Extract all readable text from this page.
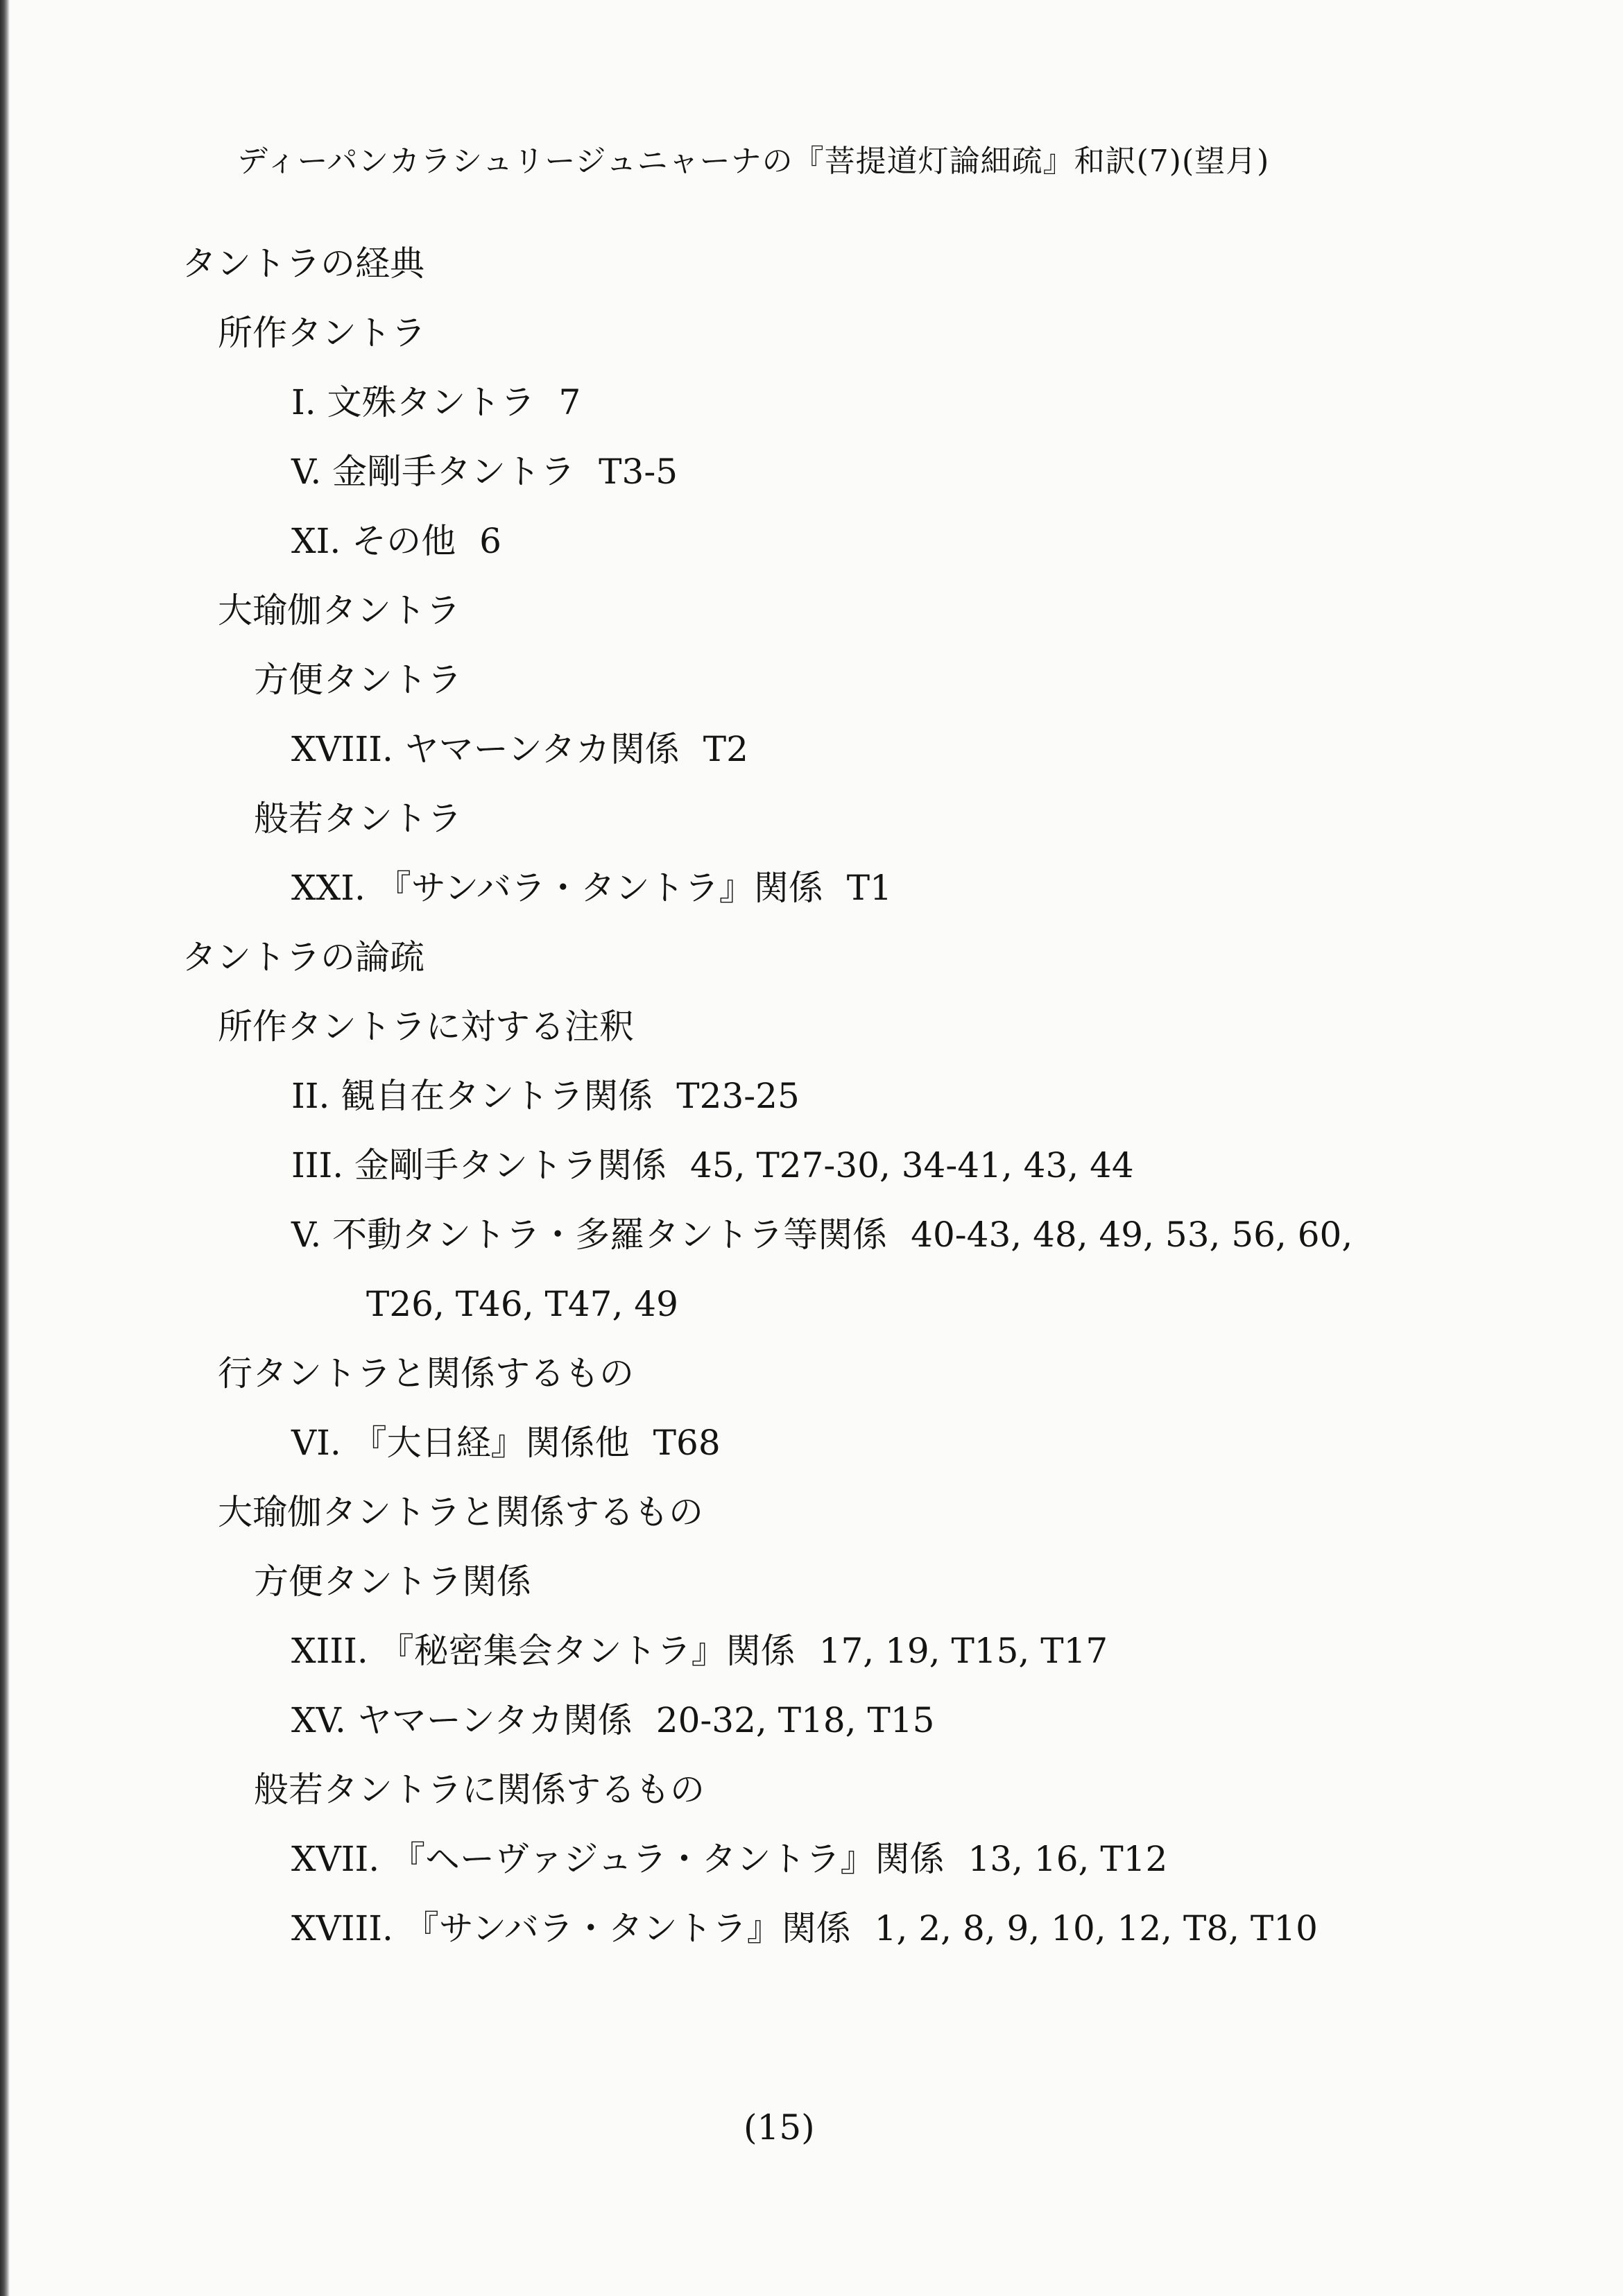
ディーパンカラシュリージュニャーナの『菩提道灯論細疏』和訳(7)(望月)
タントラの経典
所作タントラ
I. 文殊タントラ 7
V. 金剛手タントラ T3-5
XI. その他 6
大瑜伽タントラ
方便タントラ
XVIII. ヤマーンタカ関係 T2
般若タントラ
XXI. 『サンバラ・タントラ』関係 T1
タントラの論疏
所作タントラに対する注釈
II. 観自在タントラ関係 T23-25
III. 金剛手タントラ関係 45, T27-30, 34-41, 43, 44
V. 不動タントラ・多羅タントラ等関係 40-43, 48, 49, 53, 56, 60,
T26, T46, T47, 49
行タントラと関係するもの
VI. 『大日経』関係他 T68
大瑜伽タントラと関係するもの
方便タントラ関係
XIII. 『秘密集会タントラ』関係 17, 19, T15, T17
XV. ヤマーンタカ関係 20-32, T18, T15
般若タントラに関係するもの
XVII. 『ヘーヴァジュラ・タントラ』関係 13, 16, T12
XVIII. 『サンバラ・タントラ』関係 1, 2, 8, 9, 10, 12, T8, T10
(15)
